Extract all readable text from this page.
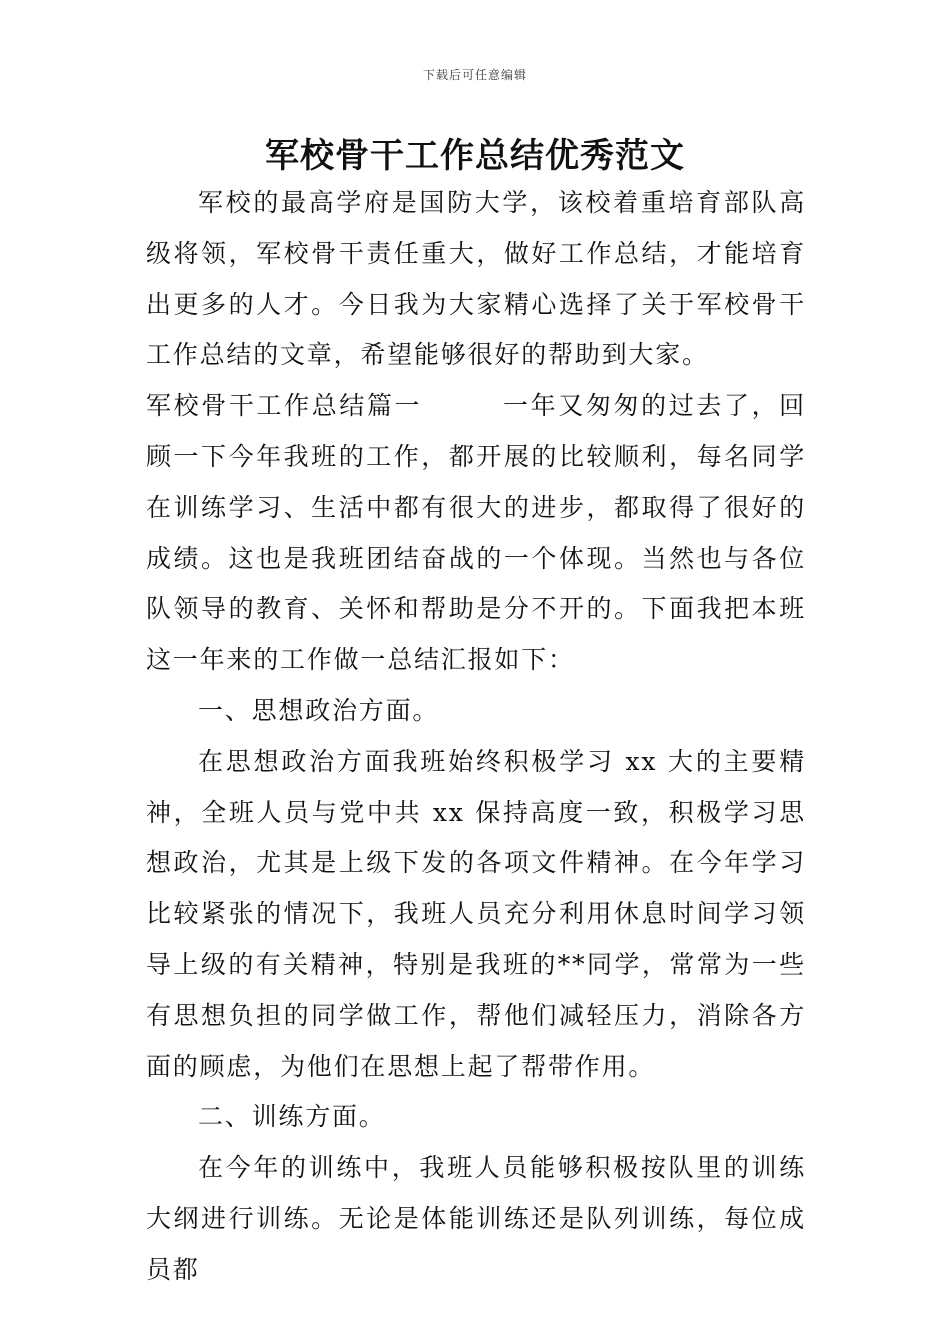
下载后可任意编辑
军校骨干工作总结优秀范文

军校的最高学府是国防大学，该校着重培育部队高级将领，军校骨干责任重大，做好工作总结，才能培育出更多的人才。今日我为大家精心选择了关于军校骨干工作总结的文章，希望能够很好的帮助到大家。

军校骨干工作总结篇一	一年又匆匆的过去了，回顾一下今年我班的工作，都开展的比较顺利，每名同学在训练学习、生活中都有很大的进步，都取得了很好的成绩。这也是我班团结奋战的一个体现。当然也与各位队领导的教育、关怀和帮助是分不开的。下面我把本班这一年来的工作做一总结汇报如下：

一、思想政治方面。

在思想政治方面我班始终积极学习 xx 大的主要精神，全班人员与党中共 xx 保持高度一致，积极学习思想政治，尤其是上级下发的各项文件精神。在今年学习比较紧张的情况下，我班人员充分利用休息时间学习领导上级的有关精神，特别是我班的**同学，常常为一些有思想负担的同学做工作，帮他们减轻压力，消除各方面的顾虑，为他们在思想上起了帮带作用。

二、训练方面。

在今年的训练中，我班人员能够积极按队里的训练大纲进行训练。无论是体能训练还是队列训练，每位成员都
